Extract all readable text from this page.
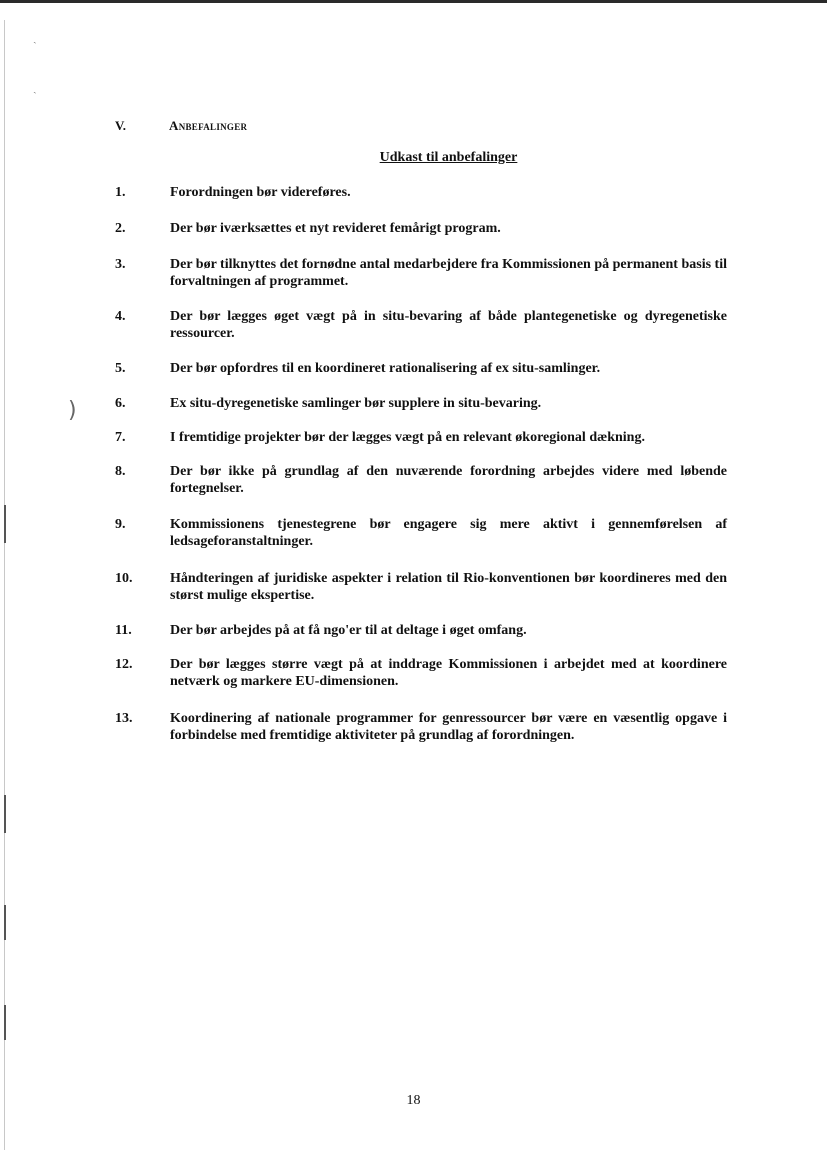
ˏ
ˎ
)
V.	Anbefalinger
Udkast til anbefalinger
1.	Forordningen bør videreføres.
2.	Der bør iværksættes et nyt revideret femårigt program.
3.	Der bør tilknyttes det fornødne antal medarbejdere fra Kommissionen på permanent basis til forvaltningen af programmet.
4.	Der bør lægges øget vægt på in situ-bevaring af både plantegenetiske og dyregenetiske ressourcer.
5.	Der bør opfordres til en koordineret rationalisering af ex situ-samlinger.
6.	Ex situ-dyregenetiske samlinger bør supplere in situ-bevaring.
7.	I fremtidige projekter bør der lægges vægt på en relevant økoregional dækning.
8.	Der bør ikke på grundlag af den nuværende forordning arbejdes videre med løbende fortegnelser.
9.	Kommissionens tjenestegrene bør engagere sig mere aktivt i gennemførelsen af ledsageforanstaltninger.
10.	Håndteringen af juridiske aspekter i relation til Rio-konventionen bør koordineres med den størst mulige ekspertise.
11.	Der bør arbejdes på at få ngo'er til at deltage i øget omfang.
12.	Der bør lægges større vægt på at inddrage Kommissionen i arbejdet med at koordinere netværk og markere EU-dimensionen.
13.	Koordinering af nationale programmer for genressourcer bør være en væsentlig opgave i forbindelse med fremtidige aktiviteter på grundlag af forordningen.
18
